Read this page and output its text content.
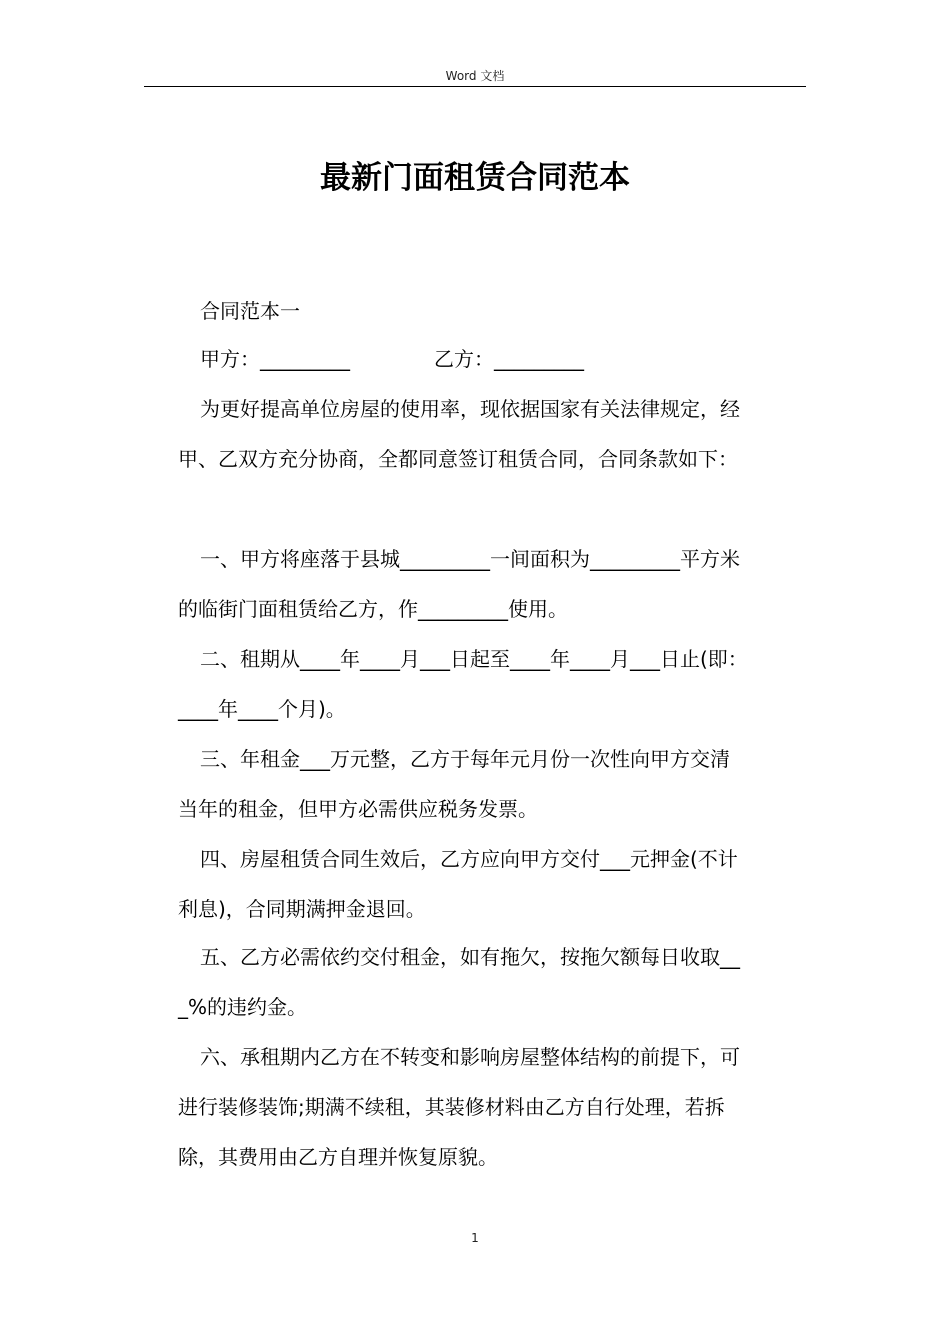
Word 文档
最新门面租赁合同范本
合同范本一
甲方：_________	乙方：_________
为更好提高单位房屋的使用率，现依据国家有关法律规定，经
甲、乙双方充分协商，全都同意签订租赁合同，合同条款如下：
一、甲方将座落于县城_________一间面积为_________平方米
的临街门面租赁给乙方，作_________使用。
二、租期从____年____月___日起至____年____月___日止(即：
____年____个月)。
三、年租金___万元整，乙方于每年元月份一次性向甲方交清
当年的租金，但甲方必需供应税务发票。
四、房屋租赁合同生效后，乙方应向甲方交付___元押金(不计
利息)，合同期满押金退回。
五、乙方必需依约交付租金，如有拖欠，按拖欠额每日收取__
_%的违约金。
六、承租期内乙方在不转变和影响房屋整体结构的前提下，可
进行装修装饰;期满不续租，其装修材料由乙方自行处理，若拆
除，其费用由乙方自理并恢复原貌。
1
